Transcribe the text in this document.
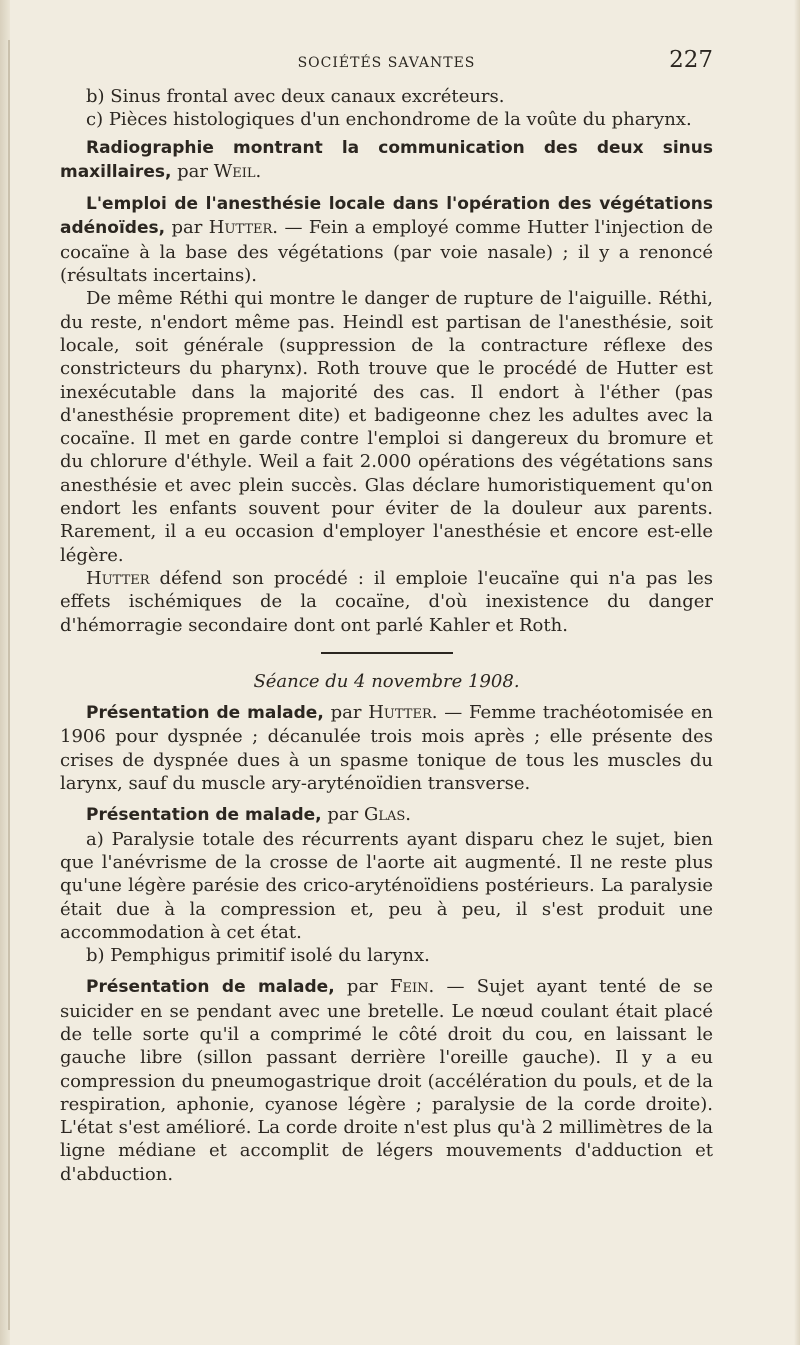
SOCIÉTÉS SAVANTES	227

b) Sinus frontal avec deux canaux excréteurs.

c) Pièces histologiques d'un enchondrome de la voûte du pharynx.

Radiographie montrant la communication des deux sinus maxillaires, par Weil.

L'emploi de l'anesthésie locale dans l'opération des végétations adénoïdes, par Hutter. — Fein a employé comme Hutter l'injection de cocaïne à la base des végétations (par voie nasale) ; il y a renoncé (résultats incertains).

De même Réthi qui montre le danger de rupture de l'aiguille. Réthi, du reste, n'endort même pas. Heindl est partisan de l'anesthésie, soit locale, soit générale (suppression de la contracture réflexe des constricteurs du pharynx). Roth trouve que le procédé de Hutter est inexécutable dans la majorité des cas. Il endort à l'éther (pas d'anesthésie proprement dite) et badigeonne chez les adultes avec la cocaïne. Il met en garde contre l'emploi si dangereux du bromure et du chlorure d'éthyle. Weil a fait 2.000 opérations des végétations sans anesthésie et avec plein succès. Glas déclare humoristiquement qu'on endort les enfants souvent pour éviter de la douleur aux parents. Rarement, il a eu occasion d'employer l'anesthésie et encore est-elle légère.

Hutter défend son procédé : il emploie l'eucaïne qui n'a pas les effets ischémiques de la cocaïne, d'où inexistence du danger d'hémorragie secondaire dont ont parlé Kahler et Roth.

Séance du 4 novembre 1908.

Présentation de malade, par Hutter. — Femme trachéotomisée en 1906 pour dyspnée ; décanulée trois mois après ; elle présente des crises de dyspnée dues à un spasme tonique de tous les muscles du larynx, sauf du muscle ary-aryténoïdien transverse.

Présentation de malade, par Glas.

a) Paralysie totale des récurrents ayant disparu chez le sujet, bien que l'anévrisme de la crosse de l'aorte ait augmenté. Il ne reste plus qu'une légère parésie des crico-aryténoïdiens postérieurs. La paralysie était due à la compression et, peu à peu, il s'est produit une accommodation à cet état.

b) Pemphigus primitif isolé du larynx.

Présentation de malade, par Fein. — Sujet ayant tenté de se suicider en se pendant avec une bretelle. Le nœud coulant était placé de telle sorte qu'il a comprimé le côté droit du cou, en laissant le gauche libre (sillon passant derrière l'oreille gauche). Il y a eu compression du pneumogastrique droit (accélération du pouls, et de la respiration, aphonie, cyanose légère ; paralysie de la corde droite). L'état s'est amélioré. La corde droite n'est plus qu'à 2 millimètres de la ligne médiane et accomplit de légers mouvements d'adduction et d'abduction.
